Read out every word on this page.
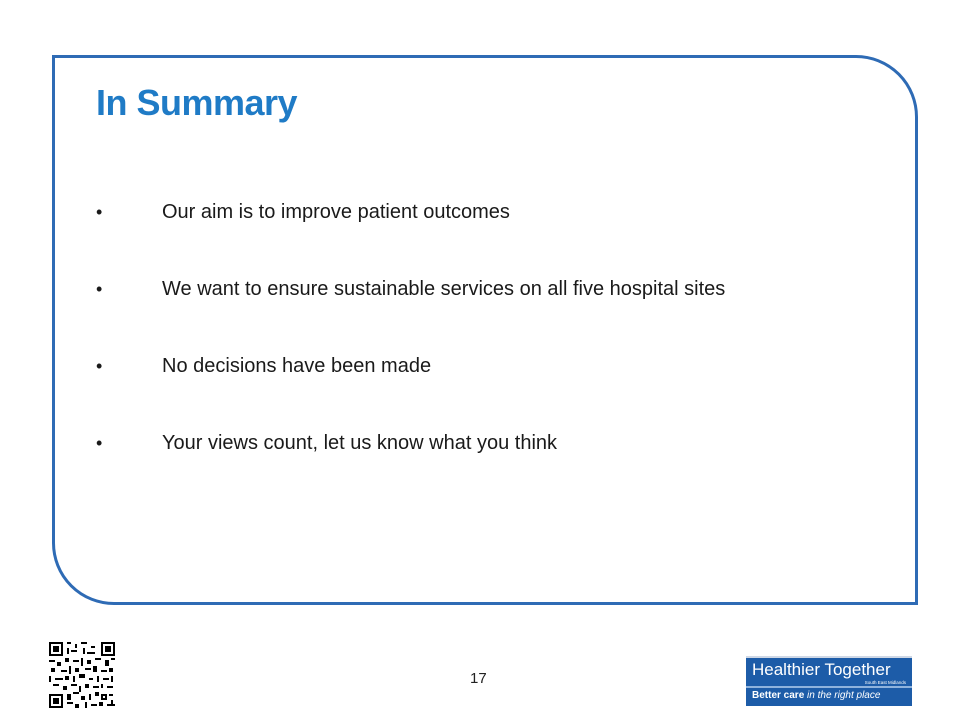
In Summary
•	Our aim is to improve patient outcomes
•	We want to ensure sustainable services on all five hospital sites
•	No decisions have been made
•	Your views count, let us know what you think
17	Healthier Together
South East Midlands
Better care in the right place
